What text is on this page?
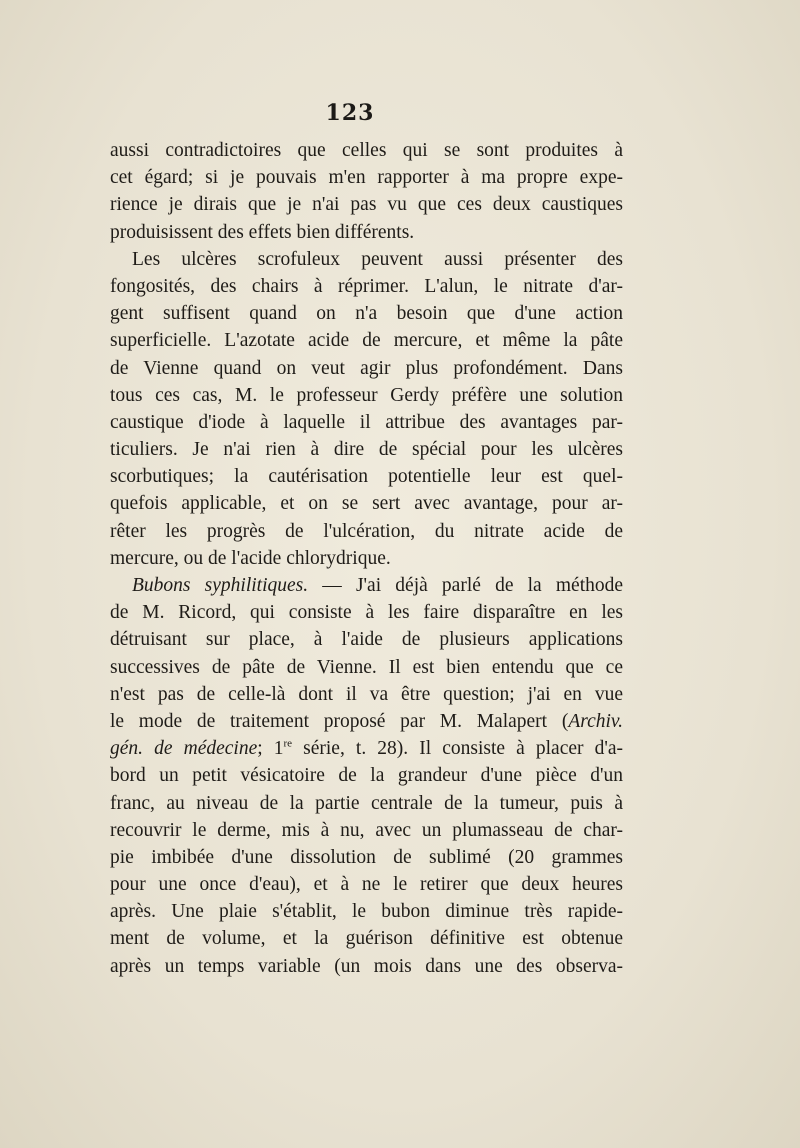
123
aussi contradictoires que celles qui se sont produites à
cet égard; si je pouvais m'en rapporter à ma propre expe-
rience je dirais que je n'ai pas vu que ces deux caustiques
produisissent des effets bien différents.
Les ulcères scrofuleux peuvent aussi présenter des
fongosités, des chairs à réprimer. L'alun, le nitrate d'ar-
gent suffisent quand on n'a besoin que d'une action
superficielle. L'azotate acide de mercure, et même la pâte
de Vienne quand on veut agir plus profondément. Dans
tous ces cas, M. le professeur Gerdy préfère une solution
caustique d'iode à laquelle il attribue des avantages par-
ticuliers. Je n'ai rien à dire de spécial pour les ulcères
scorbutiques; la cautérisation potentielle leur est quel-
quefois applicable, et on se sert avec avantage, pour ar-
rêter les progrès de l'ulcération, du nitrate acide de
mercure, ou de l'acide chlorydrique.
Bubons syphilitiques. — J'ai déjà parlé de la méthode
de M. Ricord, qui consiste à les faire disparaître en les
détruisant sur place, à l'aide de plusieurs applications
successives de pâte de Vienne. Il est bien entendu que ce
n'est pas de celle-là dont il va être question; j'ai en vue
le mode de traitement proposé par M. Malapert (Archiv.
gén. de médecine; 1re série, t. 28). Il consiste à placer d'a-
bord un petit vésicatoire de la grandeur d'une pièce d'un
franc, au niveau de la partie centrale de la tumeur, puis à
recouvrir le derme, mis à nu, avec un plumasseau de char-
pie imbibée d'une dissolution de sublimé (20 grammes
pour une once d'eau), et à ne le retirer que deux heures
après. Une plaie s'établit, le bubon diminue très rapide-
ment de volume, et la guérison définitive est obtenue
après un temps variable (un mois dans une des observa-
